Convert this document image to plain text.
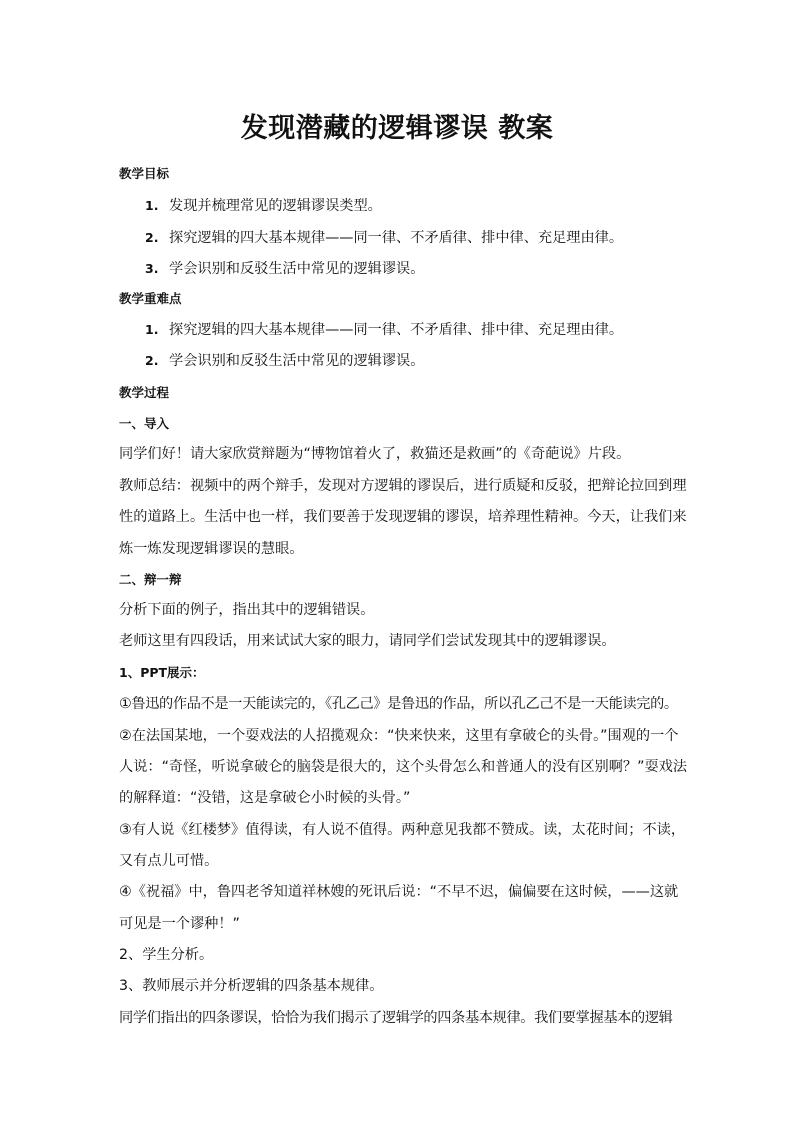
发现潜藏的逻辑谬误 教案
教学目标
1. 发现并梳理常见的逻辑谬误类型。
2. 探究逻辑的四大基本规律——同一律、不矛盾律、排中律、充足理由律。
3. 学会识别和反驳生活中常见的逻辑谬误。
教学重难点
1. 探究逻辑的四大基本规律——同一律、不矛盾律、排中律、充足理由律。
2. 学会识别和反驳生活中常见的逻辑谬误。
教学过程
一、导入
同学们好！请大家欣赏辩题为“博物馆着火了，救猫还是救画”的《奇葩说》片段。
教师总结：视频中的两个辩手，发现对方逻辑的谬误后，进行质疑和反驳，把辩论拉回到理
性的道路上。生活中也一样，我们要善于发现逻辑的谬误，培养理性精神。今天，让我们来
炼一炼发现逻辑谬误的慧眼。
二、辩一辩
分析下面的例子，指出其中的逻辑错误。
老师这里有四段话，用来试试大家的眼力，请同学们尝试发现其中的逻辑谬误。
1、PPT展示：
①鲁迅的作品不是一天能读完的，《孔乙己》是鲁迅的作品，所以孔乙己不是一天能读完的。
②在法国某地，一个耍戏法的人招揽观众：“快来快来，这里有拿破仑的头骨。”围观的一个
人说：“奇怪，听说拿破仑的脑袋是很大的，这个头骨怎么和普通人的没有区别啊？”耍戏法
的解释道：“没错，这是拿破仑小时候的头骨。”
③有人说《红楼梦》值得读，有人说不值得。两种意见我都不赞成。读，太花时间；不读，
又有点儿可惜。
④《祝福》中，鲁四老爷知道祥林嫂的死讯后说：“不早不迟，偏偏要在这时候，——这就
可见是一个谬种！”
2、学生分析。
3、教师展示并分析逻辑的四条基本规律。
同学们指出的四条谬误，恰恰为我们揭示了逻辑学的四条基本规律。我们要掌握基本的逻辑
